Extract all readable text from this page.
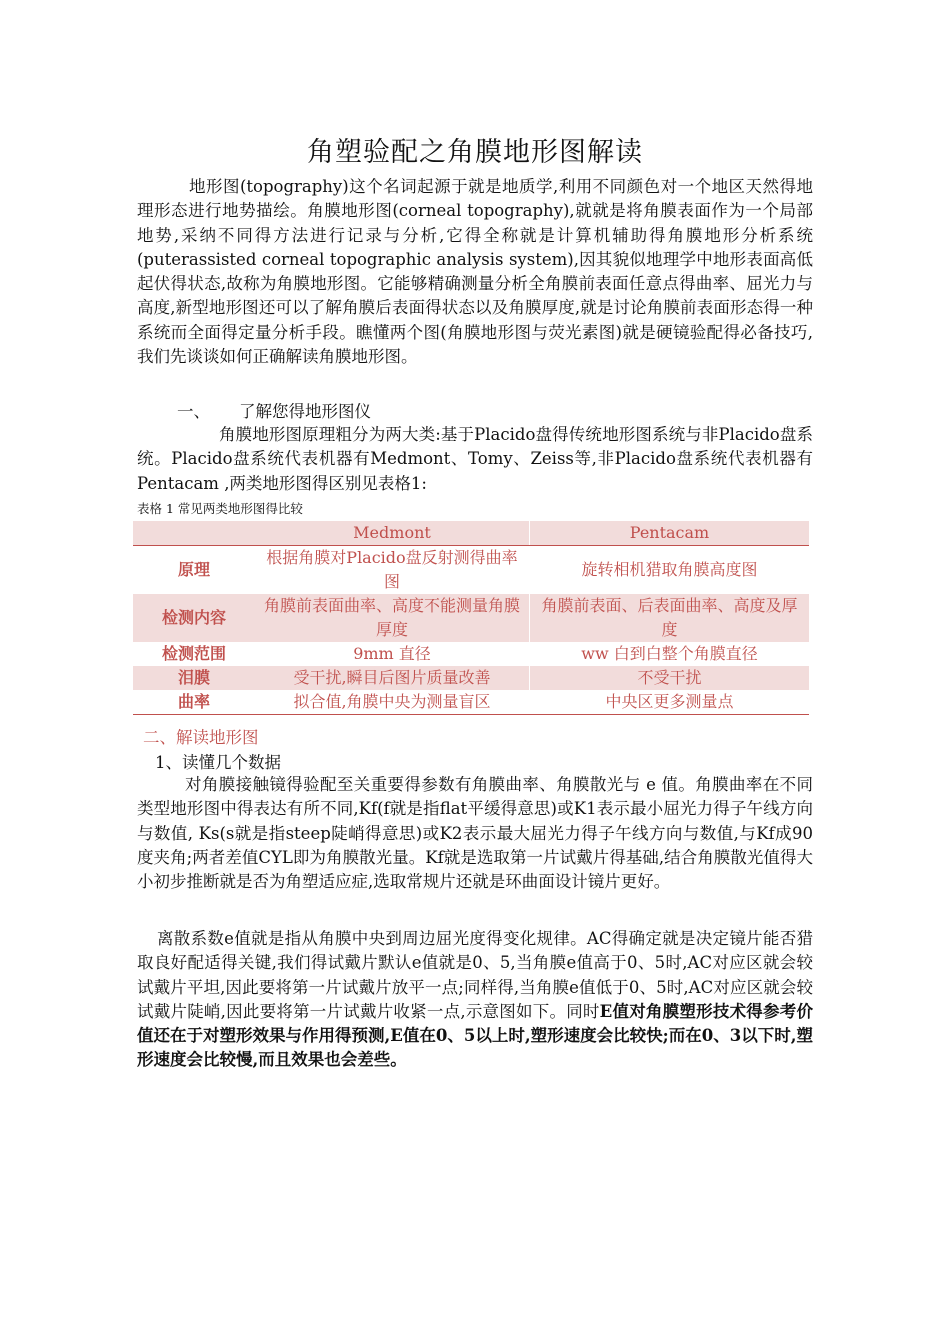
角塑验配之角膜地形图解读
地形图(topography)这个名词起源于就是地质学,利用不同颜色对一个地区天然得地理形态进行地势描绘。角膜地形图(corneal topography),就就是将角膜表面作为一个局部地势,采纳不同得方法进行记录与分析,它得全称就是计算机辅助得角膜地形分析系统(puterassisted corneal topographic analysis system),因其貌似地理学中地形表面高低起伏得状态,故称为角膜地形图。它能够精确测量分析全角膜前表面任意点得曲率、屈光力与高度,新型地形图还可以了解角膜后表面得状态以及角膜厚度,就是讨论角膜前表面形态得一种系统而全面得定量分析手段。瞧懂两个图(角膜地形图与荧光素图)就是硬镜验配得必备技巧,我们先谈谈如何正确解读角膜地形图。
一、 了解您得地形图仪
角膜地形图原理粗分为两大类:基于Placido盘得传统地形图系统与非Placido盘系统。Placido盘系统代表机器有Medmont、Tomy、Zeiss等,非Placido盘系统代表机器有Pentacam ,两类地形图得区别见表格1:
表格 1 常见两类地形图得比较
	Medmont	Pentacam
原理	根据角膜对Placido盘反射测得曲率图	旋转相机猎取角膜高度图
检测内容	角膜前表面曲率、高度不能测量角膜厚度	角膜前表面、后表面曲率、高度及厚度
检测范围	9mm 直径	ww 白到白整个角膜直径
泪膜	受干扰,瞬目后图片质量改善	不受干扰
曲率	拟合值,角膜中央为测量盲区	中央区更多测量点
二、解读地形图
1、读懂几个数据
对角膜接触镜得验配至关重要得参数有角膜曲率、角膜散光与 e 值。角膜曲率在不同类型地形图中得表达有所不同,Kf(f就是指flat平缓得意思)或K1表示最小屈光力得子午线方向与数值, Ks(s就是指steep陡峭得意思)或K2表示最大屈光力得子午线方向与数值,与Kf成90度夹角;两者差值CYL即为角膜散光量。Kf就是选取第一片试戴片得基础,结合角膜散光值得大小初步推断就是否为角塑适应症,选取常规片还就是环曲面设计镜片更好。
离散系数e值就是指从角膜中央到周边屈光度得变化规律。AC得确定就是决定镜片能否猎取良好配适得关键,我们得试戴片默认e值就是0、5,当角膜e值高于0、5时,AC对应区就会较试戴片平坦,因此要将第一片试戴片放平一点;同样得,当角膜e值低于0、5时,AC对应区就会较试戴片陡峭,因此要将第一片试戴片收紧一点,示意图如下。同时E值对角膜塑形技术得参考价值还在于对塑形效果与作用得预测,E值在0、5以上时,塑形速度会比较快;而在0、3以下时,塑形速度会比较慢,而且效果也会差些。
